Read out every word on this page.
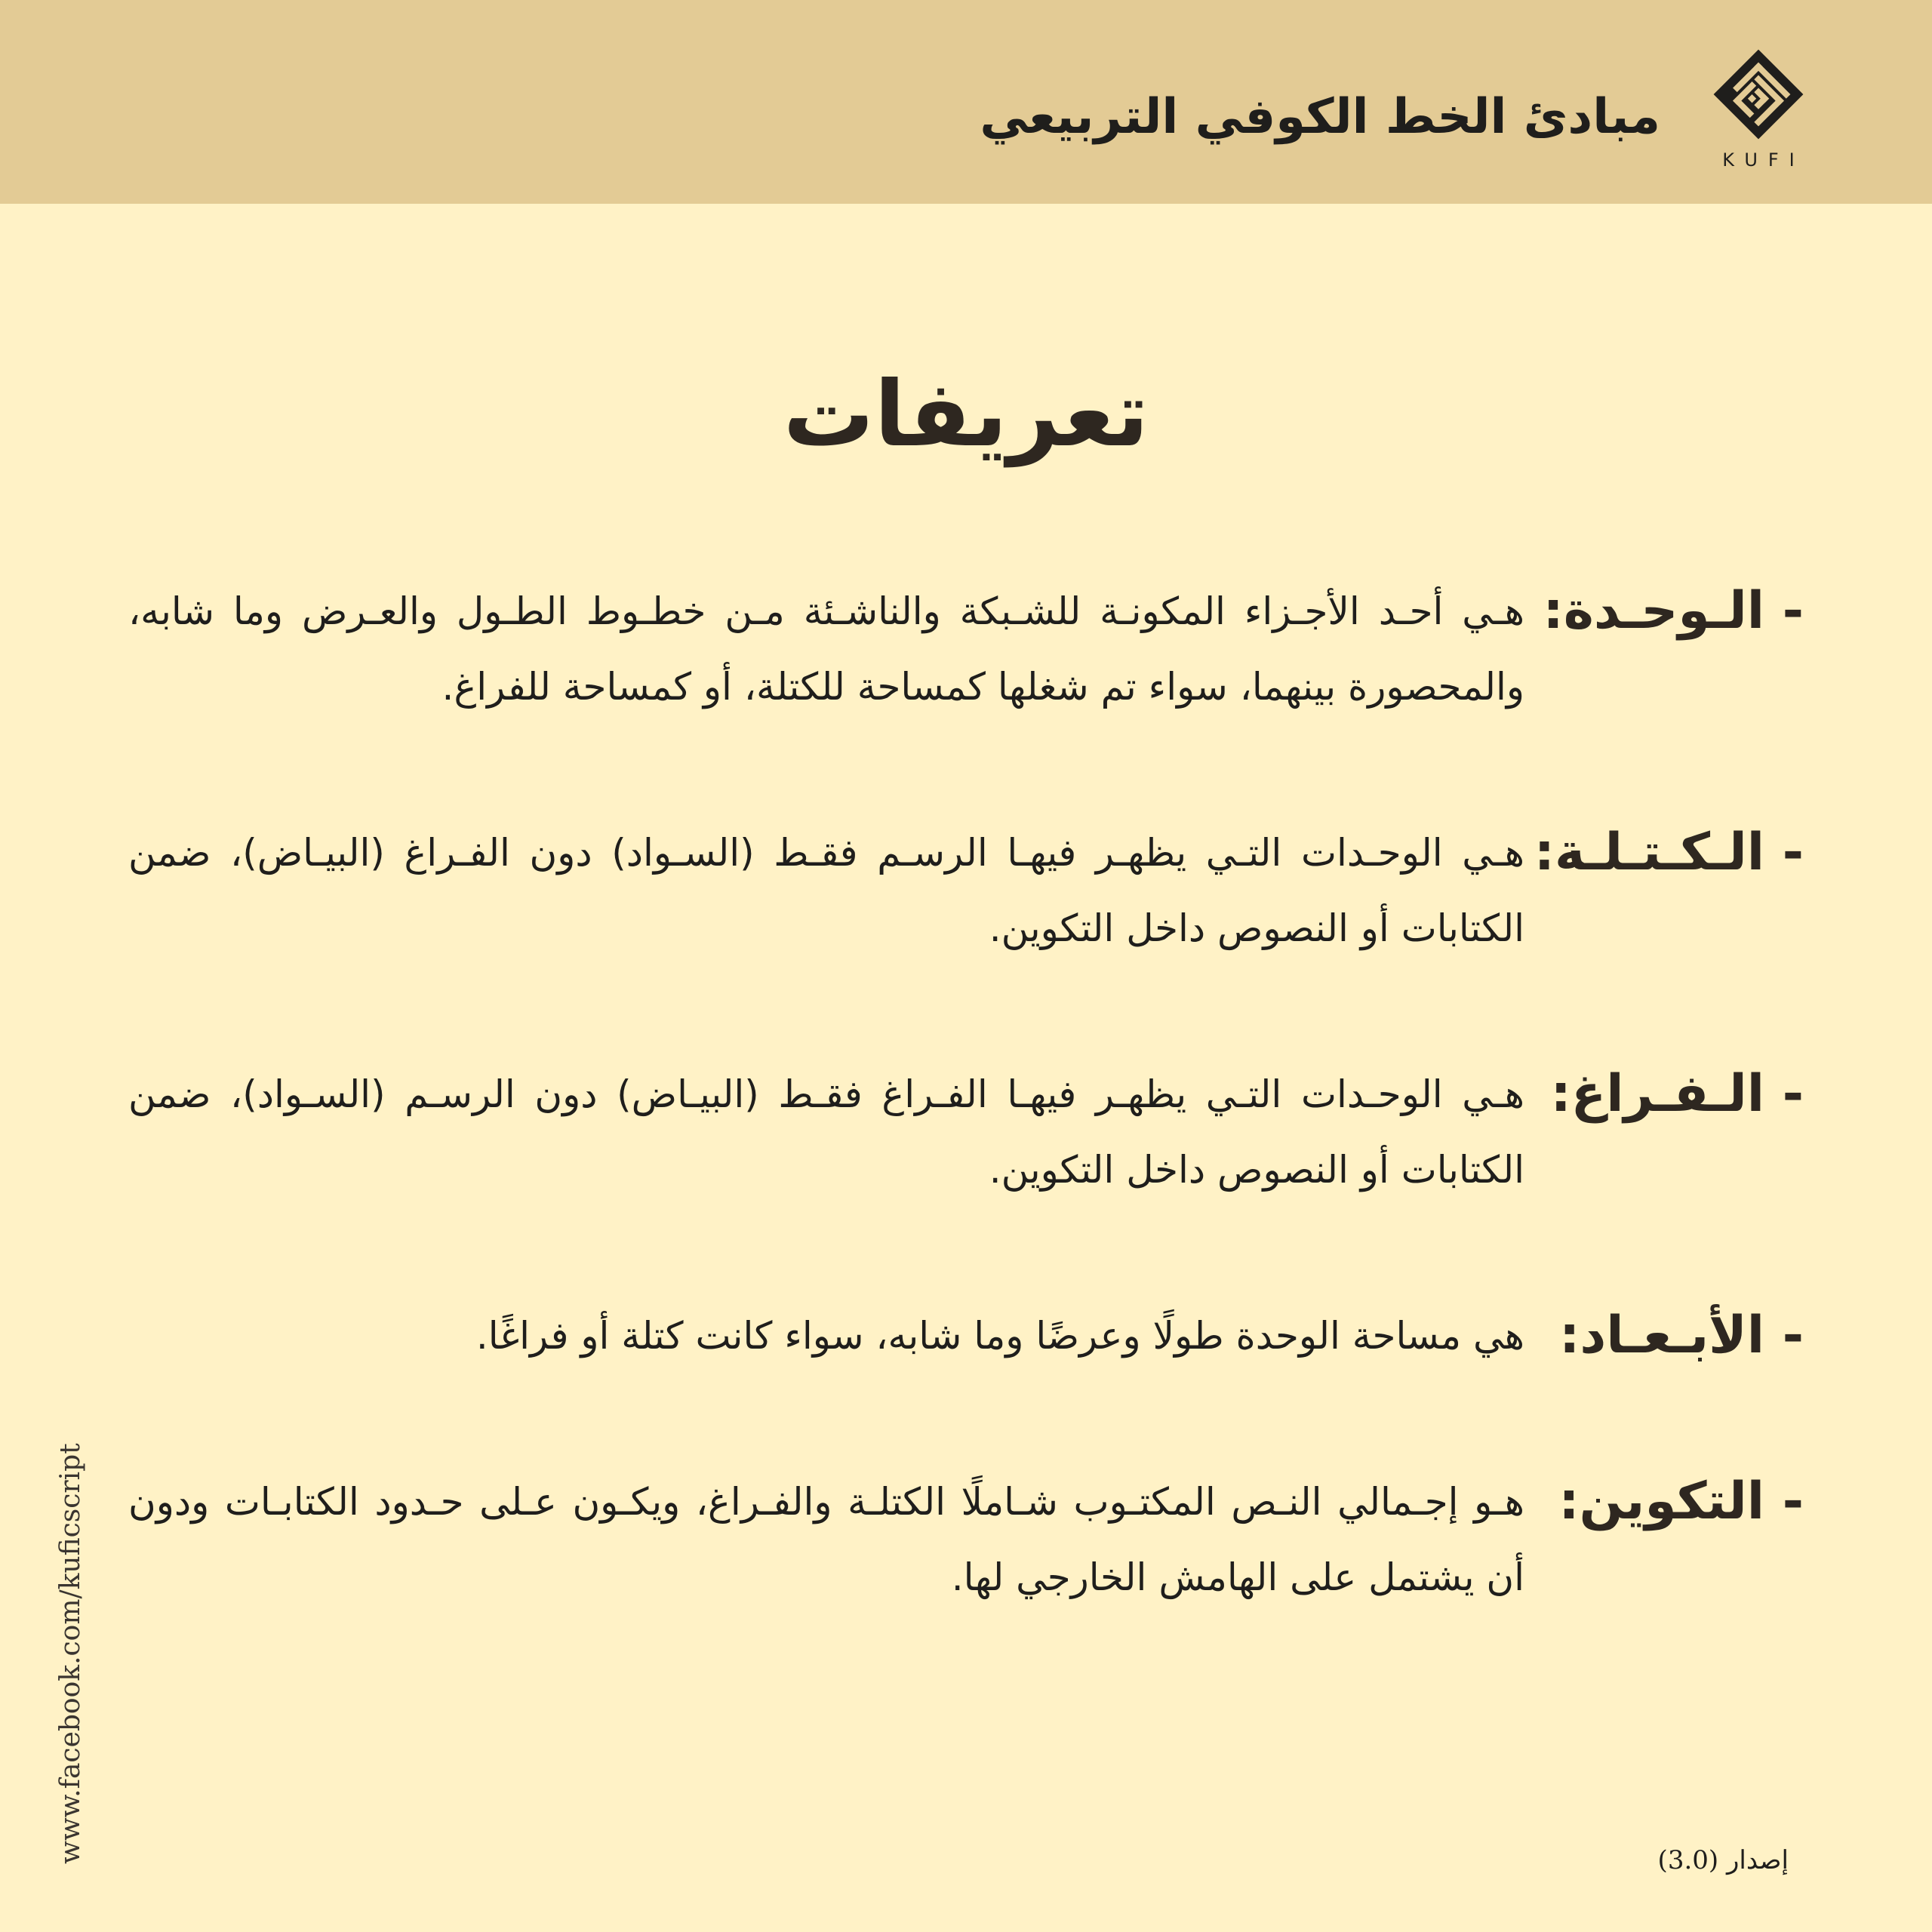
مبادئ الخط الكوفي التربيعي
KUFI
تعريفات
- الـوحـدة:
هـي أحـد الأجـزاء المكونـة للشـبكة والناشـئة مـن خطـوط الطـول والعـرض وما شابه، والمحصورة بينهما، سواء تم شغلها كمساحة للكتلة، أو كمساحة للفراغ.
- الـكـتـلـة:
هـي الوحـدات التـي يظهـر فيهـا الرسـم فقـط (السـواد) دون الفـراغ (البيـاض)، ضمن الكتابات أو النصوص داخل التكوين.
- الـفـراغ:
هـي الوحـدات التـي يظهـر فيهـا الفـراغ فقـط (البيـاض) دون الرسـم (السـواد)، ضمن الكتابات أو النصوص داخل التكوين.
- الأبـعـاد:
هي مساحة الوحدة طولًا وعرضًا وما شابه، سواء كانت كتلة أو فراغًا.
- التكوين:
هـو إجـمالي النـص المكتـوب شـاملًا الكتلـة والفـراغ، ويكـون عـلى حـدود الكتابـات ودون أن يشتمل على الهامش الخارجي لها.
www.facebook.com/kuficscript	إصدار (3.0)
